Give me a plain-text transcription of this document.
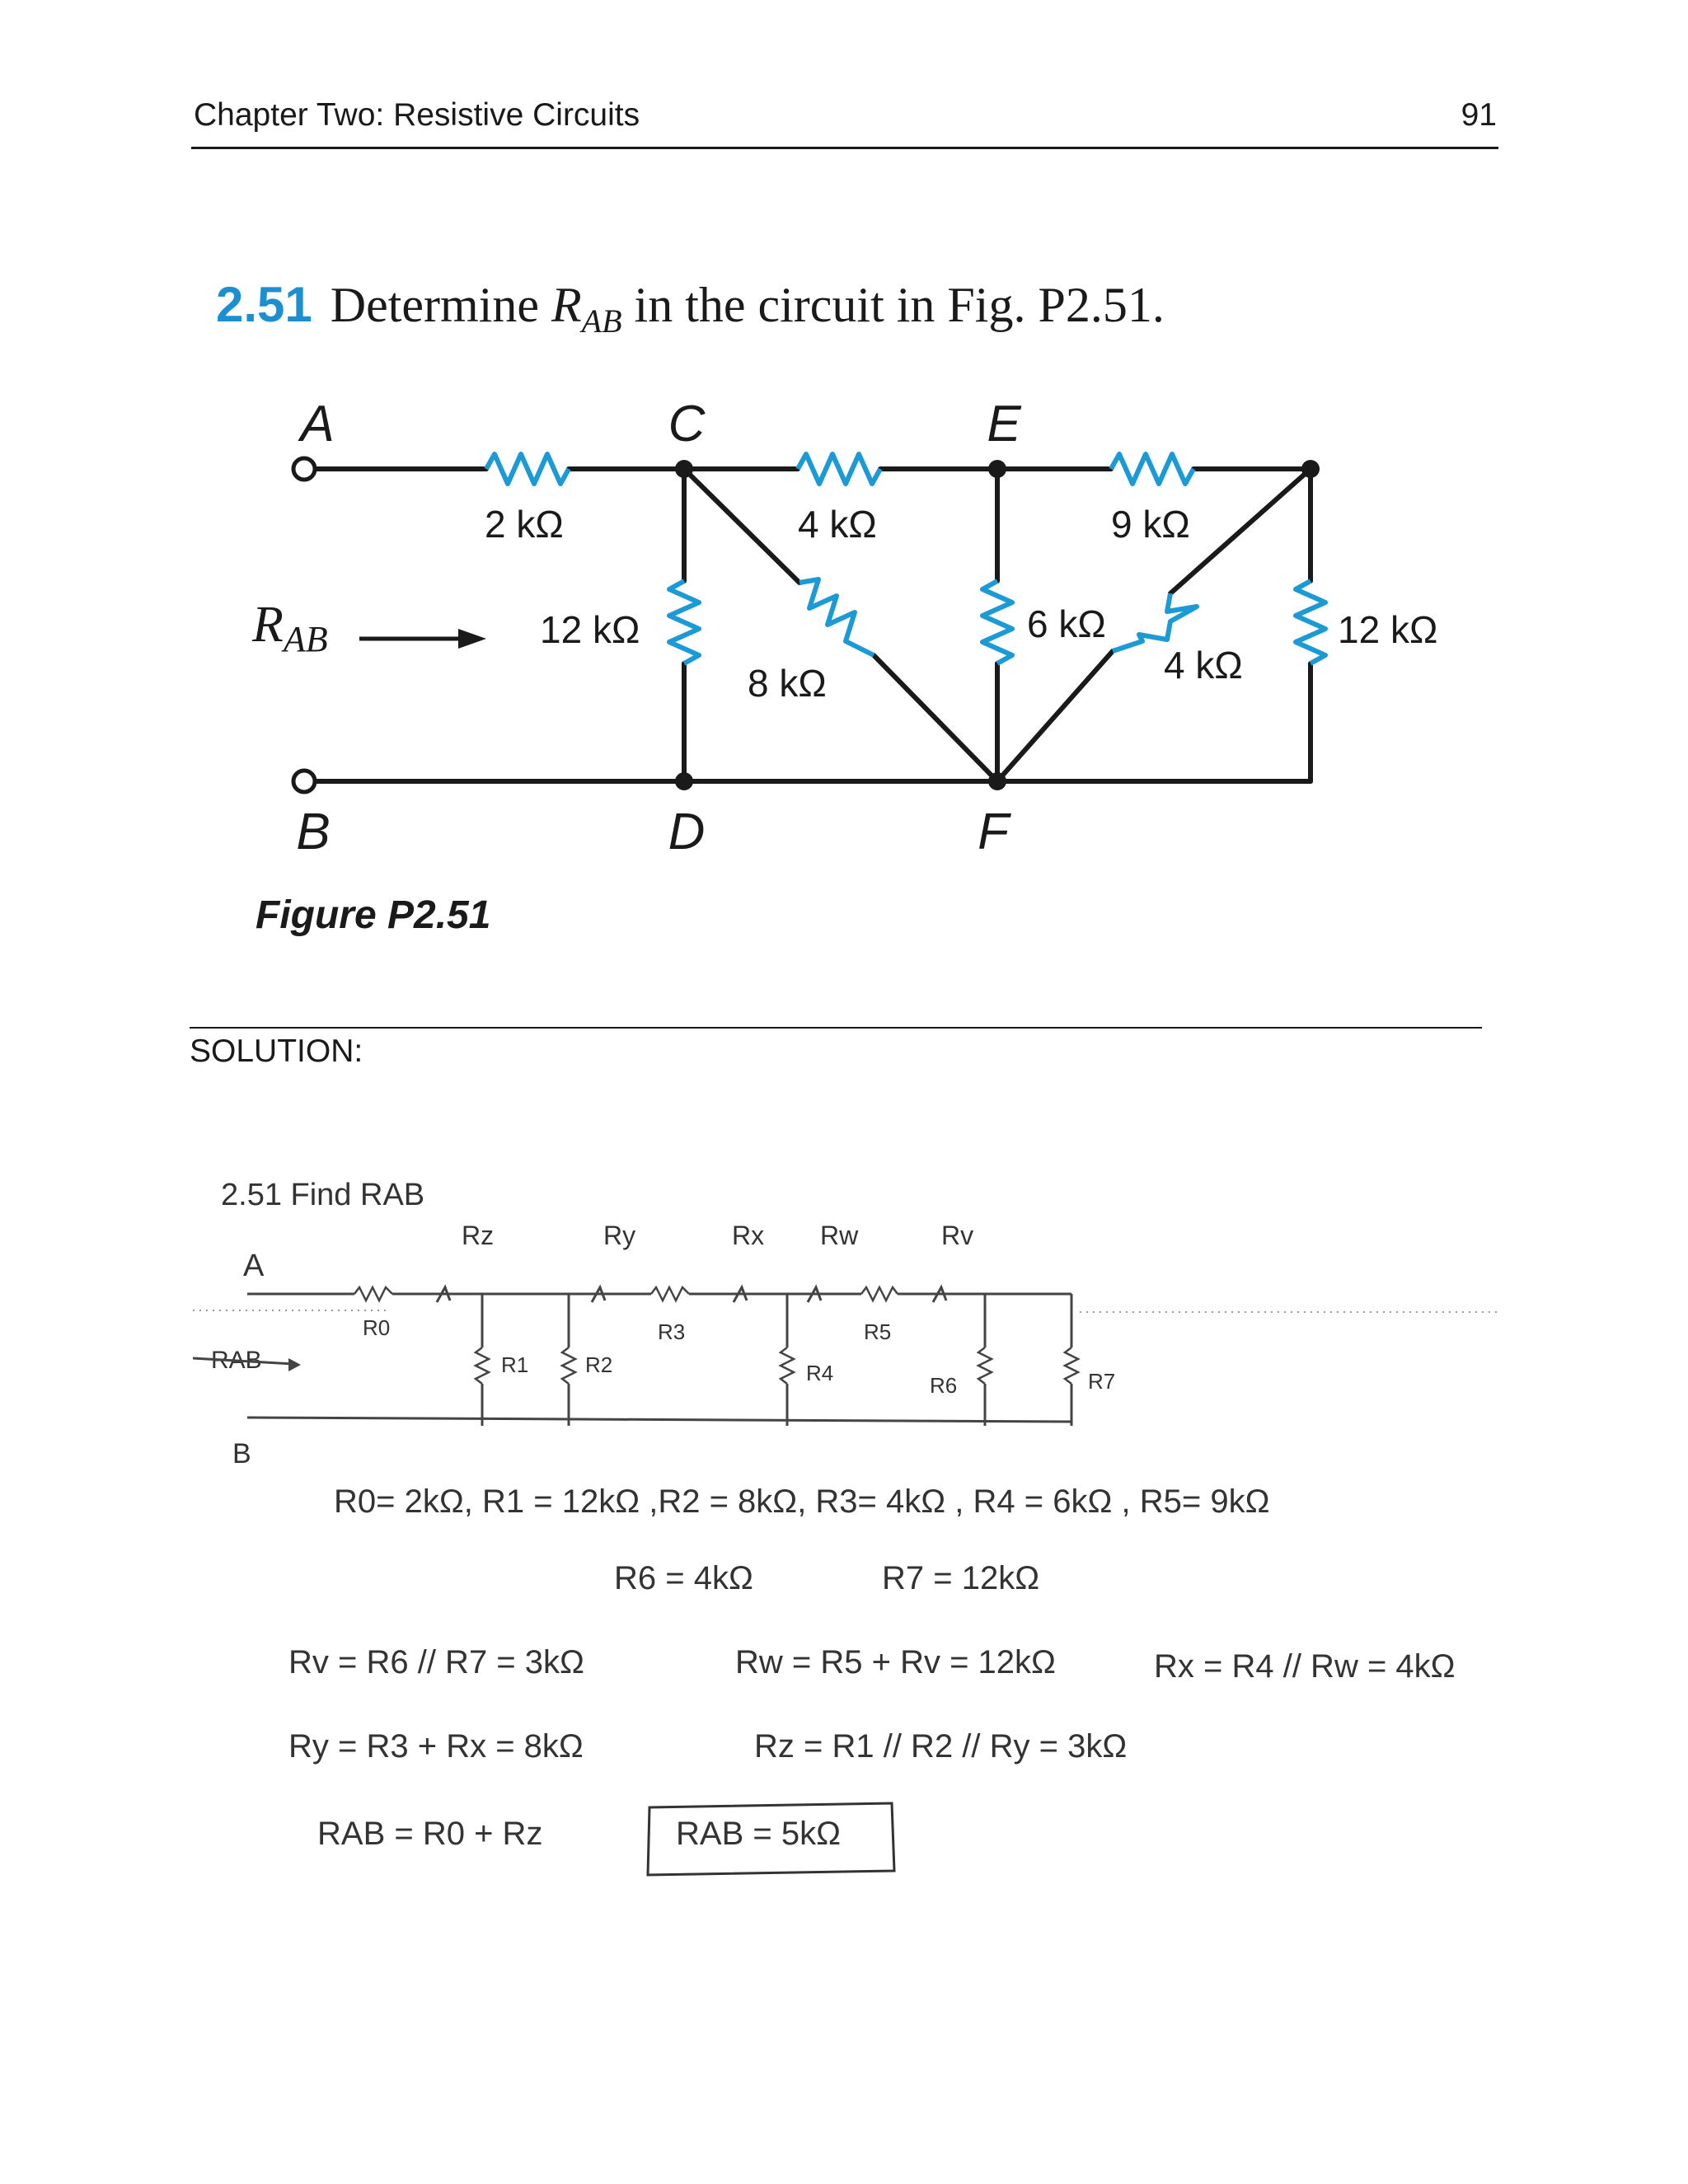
Chapter Two: Resistive Circuits	91
2.51 Determine $R_{AB}$ in the circuit in Fig. P2.51.
A	C	E
B	D	F
RAB
2 kΩ
12 kΩ
4 kΩ
8 kΩ
6 kΩ
9 kΩ
4 kΩ
12 kΩ
Figure P2.51
SOLUTION:
2.51 Find RAB
A
RAB
B
Rz	Ry	Rx Rw	Rv
R0
R1	R2
R3
R4
R5
R6	R7
R0= 2kΩ, R1 = 12kΩ ,R2 = 8kΩ, R3= 4kΩ , R4 = 6kΩ , R5= 9kΩ
R6 = 4kΩ	R7 = 12kΩ
Rv = R6 // R7 = 3kΩ	Rw = R5 + Rv = 12kΩ	Rx = R4 // Rw = 4kΩ
Ry = R3 + Rx = 8kΩ	Rz = R1 // R2 // Ry = 3kΩ
RAB = R0 + Rz	RAB = 5kΩ
